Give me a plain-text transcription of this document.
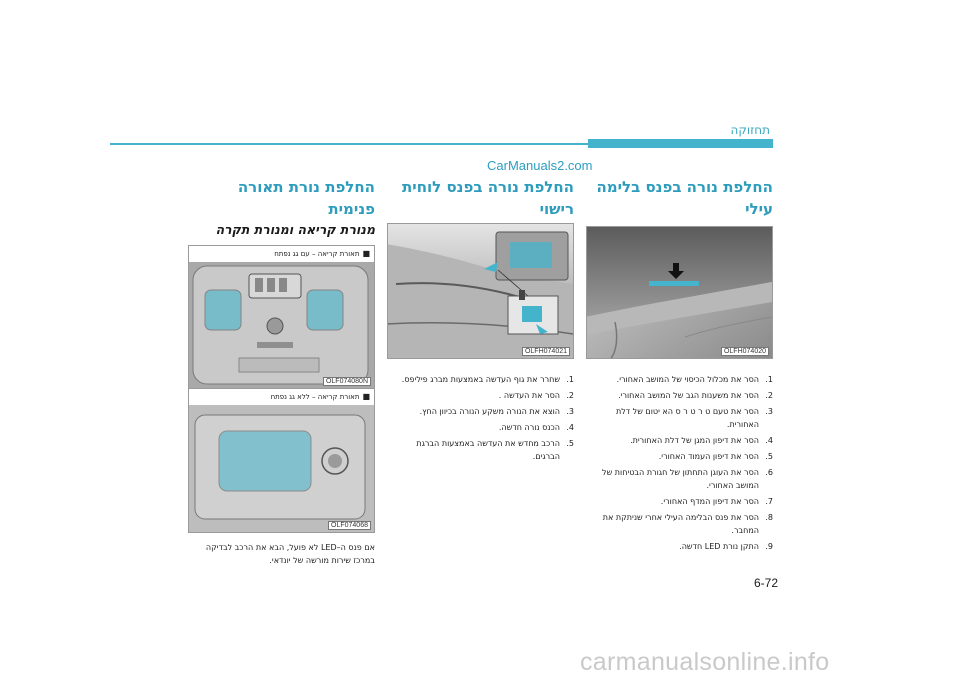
תחזוקה
CarManuals2.com
החלפת נורה בפנס בלימה עילי
OLFH074020
1.
הסר את מכלול הכיסוי של המושב האחורי.
2.
הסר את משענות הגב של המושב האחורי.
3.
הסר את טעם ט ר ט ר ס הא יטום של דלת האחורית.
4.
הסר את דיפון המגן של דלת האחורית.
5.
הסר את דיפון העמוד האחורי.
6.
הסר את העוגן התחתון של חגורת הבטיחות של המושב האחורי.
7.
הסר את דיפון המדף האחורי.
8.
הסר את פנס הבלימה העילי אחרי שניתקת את המחבר.
9.
התקן נורת LED חדשה.
החלפת נורה בפנס לוחית
רישוי
OLFH074021
1.
שחרר את גוף העדשה באמצעות מברג פיליפס.
2.
הסר את העדשה .
3.
הוצא את הנורה משקע הנורה בכיוון החץ.
4.
הכנס נורה חדשה.
5.
הרכב מחדש את העדשה באמצעות הברגת הברגים.
החלפת נורת תאורה פנימית
מנורת קריאה ומנורת תקרה
■תאורת קריאה – עם גג נפתח
OLF074080N
■תאורת קריאה – ללא גג נפתח
OLF074068
אם פנס ה–LED לא פועל, הבא את הרכב לבדיקה במרכז שירות מורשה של יונדאי.
6-72
carmanualsonline.info
